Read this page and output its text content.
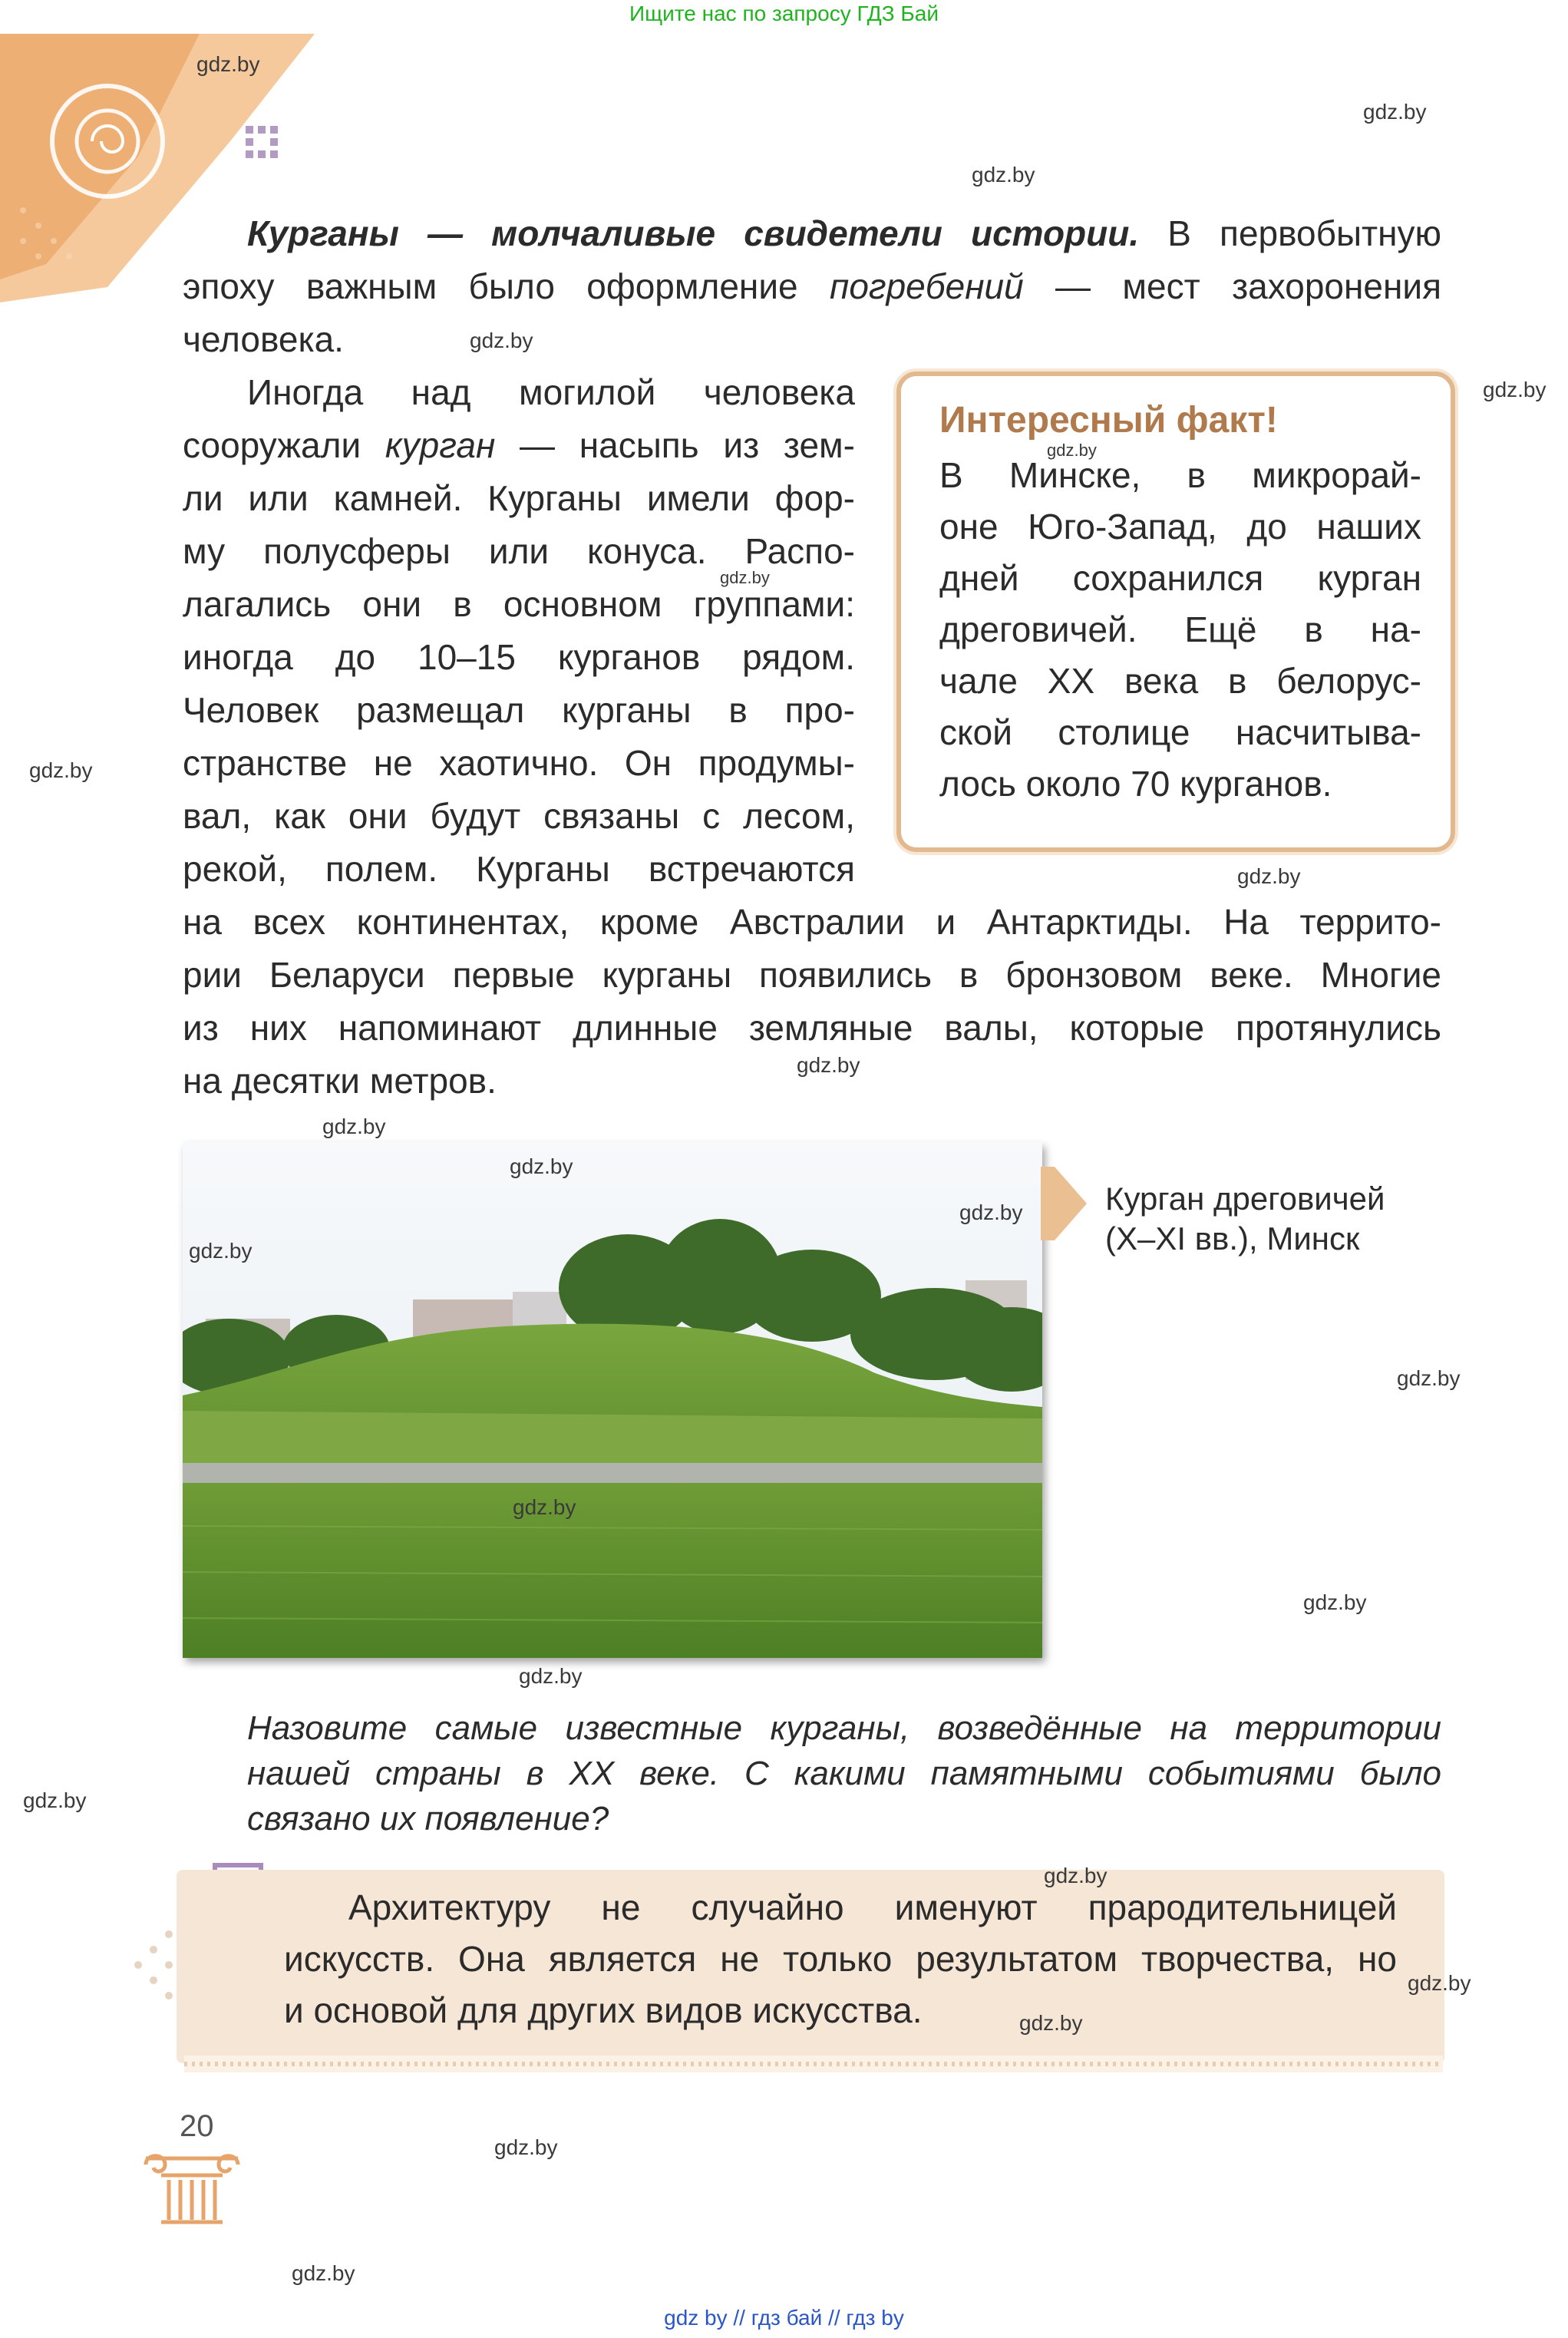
Ищите нас по запросу ГДЗ Бай
Курганы — молчаливые свидетели истории. В первобытную
эпоху важным было оформление погребений — мест захоронения
человека.
Иногда над могилой человека
сооружали курган — насыпь из зем-
ли или камней. Курганы имели фор-
му полусферы или конуса. Распо-
лагались они в основном группами:
иногда до 10–15 курганов рядом.
Человек размещал курганы в про-
странстве не хаотично. Он продумы-
вал, как они будут связаны с лесом,
рекой, полем. Курганы встречаются
на всех континентах, кроме Австралии и Антарктиды. На террито-
рии Беларуси первые курганы появились в бронзовом веке. Многие
из них напоминают длинные земляные валы, которые протянулись
на десятки метров.
Интересный факт!
В Минске, в микрорай-
оне Юго-Запад, до наших
дней сохранился курган
дреговичей. Ещё в на-
чале XX века в белорус-
ской столице насчитыва-
лось около 70 курганов.
Курган дреговичей
(X–XI вв.), Минск
Назовите самые известные курганы, возведённые на территории
нашей страны в XX веке. С какими памятными событиями было
связано их появление?
Архитектуру не случайно именуют прародительницей
искусств. Она является не только результатом творчества, но
и основой для других видов искусства.
20
gdz by // гдз бай // гдз by
gdz.by
gdz.by
gdz.by
gdz.by
gdz.by
gdz.by
gdz.by
gdz.by
gdz.by
gdz.by
gdz.by
gdz.by
gdz.by
gdz.by
gdz.by
gdz.by
gdz.by
gdz.by
gdz.by
gdz.by
gdz.by
gdz.by
gdz.by
gdz.by
